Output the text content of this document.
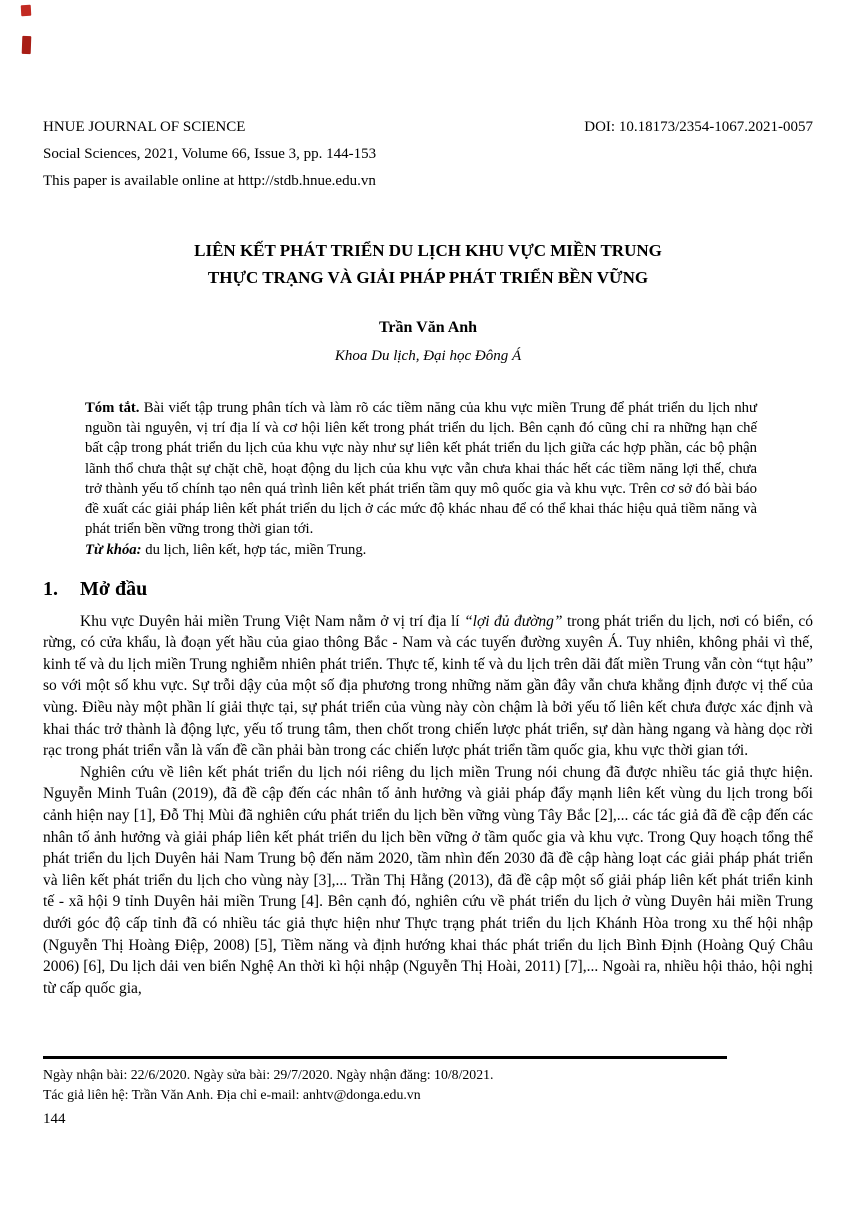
HNUE JOURNAL OF SCIENCE	DOI: 10.18173/2354-1067.2021-0057
Social Sciences, 2021, Volume 66, Issue 3, pp. 144-153
This paper is available online at http://stdb.hnue.edu.vn
LIÊN KẾT PHÁT TRIỂN DU LỊCH KHU VỰC MIỀN TRUNG
THỰC TRẠNG VÀ GIẢI PHÁP PHÁT TRIỂN BỀN VỮNG
Trần Văn Anh
Khoa Du lịch, Đại học Đông Á

Tóm tắt. Bài viết tập trung phân tích và làm rõ các tiềm năng của khu vực miền Trung để phát triển du lịch như nguồn tài nguyên, vị trí địa lí và cơ hội liên kết trong phát triển du lịch. Bên cạnh đó cũng chỉ ra những hạn chế bất cập trong phát triển du lịch của khu vực này như sự liên kết phát triển du lịch giữa các hợp phần, các bộ phận lãnh thổ chưa thật sự chặt chẽ, hoạt động du lịch của khu vực vẫn chưa khai thác hết các tiềm năng lợi thế, chưa trở thành yếu tố chính tạo nên quá trình liên kết phát triển tầm quy mô quốc gia và khu vực. Trên cơ sở đó bài báo đề xuất các giải pháp liên kết phát triển du lịch ở các mức độ khác nhau để có thể khai thác hiệu quả tiềm năng và phát triển bền vững trong thời gian tới.

Từ khóa: du lịch, liên kết, hợp tác, miền Trung.

1.	Mở đầu

Khu vực Duyên hải miền Trung Việt Nam nằm ở vị trí địa lí “lợi đủ đường” trong phát triển du lịch, nơi có biển, có rừng, có cửa khẩu, là đoạn yết hầu của giao thông Bắc - Nam và các tuyến đường xuyên Á. Tuy nhiên, không phải vì thế, kinh tế và du lịch miền Trung nghiễm nhiên phát triển. Thực tế, kinh tế và du lịch trên dãi đất miền Trung vẫn còn “tụt hậu” so với một số khu vực. Sự trỗi dậy của một số địa phương trong những năm gần đây vẫn chưa khẳng định được vị thế của vùng. Điều này một phần lí giải thực tại, sự phát triển của vùng này còn chậm là bởi yếu tố liên kết chưa được xác định và khai thác trở thành là động lực, yếu tố trung tâm, then chốt trong chiến lược phát triển, sự dàn hàng ngang và hàng dọc rời rạc trong phát triển vẫn là vấn đề cần phải bàn trong các chiến lược phát triển tầm quốc gia, khu vực thời gian tới.

Nghiên cứu về liên kết phát triển du lịch nói riêng du lịch miền Trung nói chung đã được nhiều tác giả thực hiện. Nguyễn Minh Tuân (2019), đã đề cập đến các nhân tố ảnh hưởng và giải pháp đẩy mạnh liên kết vùng du lịch trong bối cảnh hiện nay [1], Đỗ Thị Mùi đã nghiên cứu phát triển du lịch bền vững vùng Tây Bắc [2],... các tác giả đã đề cập đến các nhân tố ảnh hưởng và giải pháp liên kết phát triển du lịch bền vững ở tầm quốc gia và khu vực. Trong Quy hoạch tổng thể phát triển du lịch Duyên hải Nam Trung bộ đến năm 2020, tầm nhìn đến 2030 đã đề cập hàng loạt các giải pháp phát triển và liên kết phát triển du lịch cho vùng này [3],... Trần Thị Hằng (2013), đã đề cập một số giải pháp liên kết phát triển kinh tế - xã hội 9 tỉnh Duyên hải miền Trung [4]. Bên cạnh đó, nghiên cứu về phát triển du lịch ở vùng Duyên hải miền Trung dưới góc độ cấp tỉnh đã có nhiều tác giả thực hiện như Thực trạng phát triển du lịch Khánh Hòa trong xu thế hội nhập (Nguyễn Thị Hoàng Điệp, 2008) [5], Tiềm năng và định hướng khai thác phát triển du lịch Bình Định (Hoàng Quý Châu 2006) [6], Du lịch dải ven biển Nghệ An thời kì hội nhập (Nguyễn Thị Hoài, 2011) [7],... Ngoài ra, nhiều hội thảo, hội nghị từ cấp quốc gia,

Ngày nhận bài: 22/6/2020. Ngày sửa bài: 29/7/2020. Ngày nhận đăng: 10/8/2021.
Tác giả liên hệ: Trần Văn Anh. Địa chỉ e-mail: anhtv@donga.edu.vn
144
